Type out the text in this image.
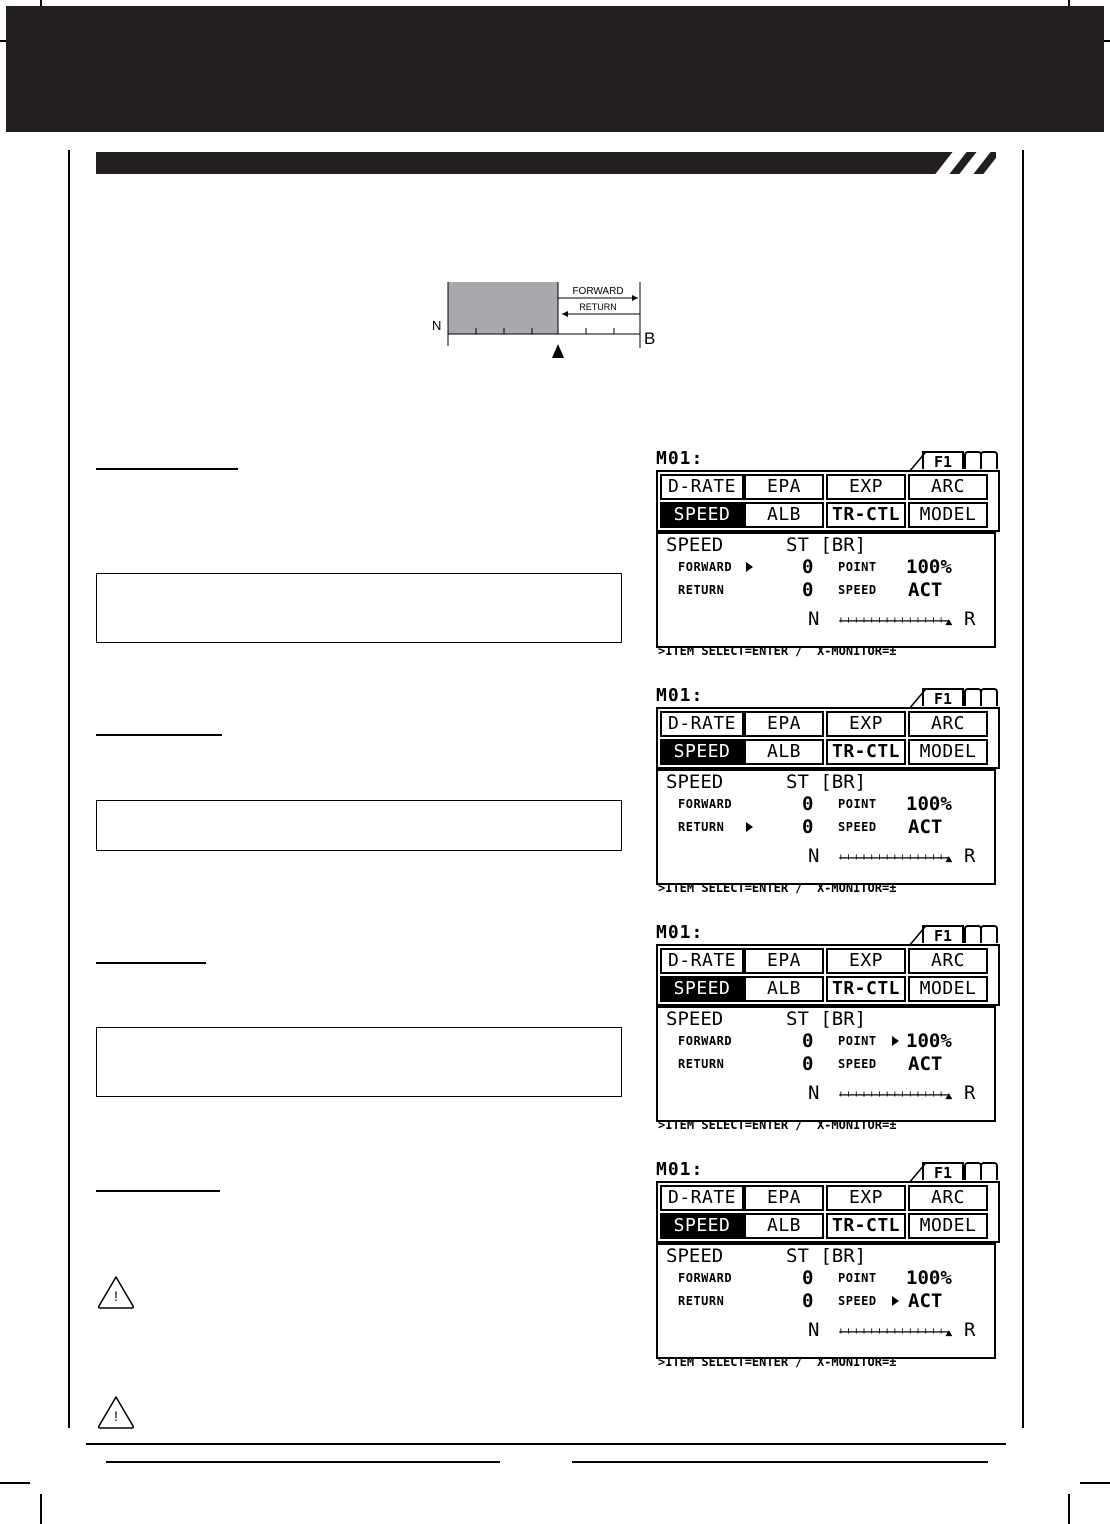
FORWARD
RETURN
N
B
!
!
M01:	F1
D-RATE	EPA	EXP	ARC
SPEED	ALB	TR-CTL	MODEL
SPEED	ST [BR]
FORWARD	0
RETURN	0
POINT 100%
SPEED ACT
N	R
>ITEM SELECT=ENTER /  X-MONITOR=±
M01:	F1
D-RATE	EPA	EXP	ARC
SPEED	ALB	TR-CTL	MODEL
SPEED	ST [BR]
FORWARD	0
RETURN	0
POINT 100%
SPEED ACT
N	R
>ITEM SELECT=ENTER /  X-MONITOR=±
M01:	F1
D-RATE	EPA	EXP	ARC
SPEED	ALB	TR-CTL	MODEL
SPEED	ST [BR]
FORWARD	0
RETURN	0
POINT 100%
SPEED ACT
N	R
>ITEM SELECT=ENTER /  X-MONITOR=±
M01:	F1
D-RATE	EPA	EXP	ARC
SPEED	ALB	TR-CTL	MODEL
SPEED	ST [BR]
FORWARD	0
RETURN	0
POINT 100%
SPEED ACT
N	R
>ITEM SELECT=ENTER /  X-MONITOR=±
